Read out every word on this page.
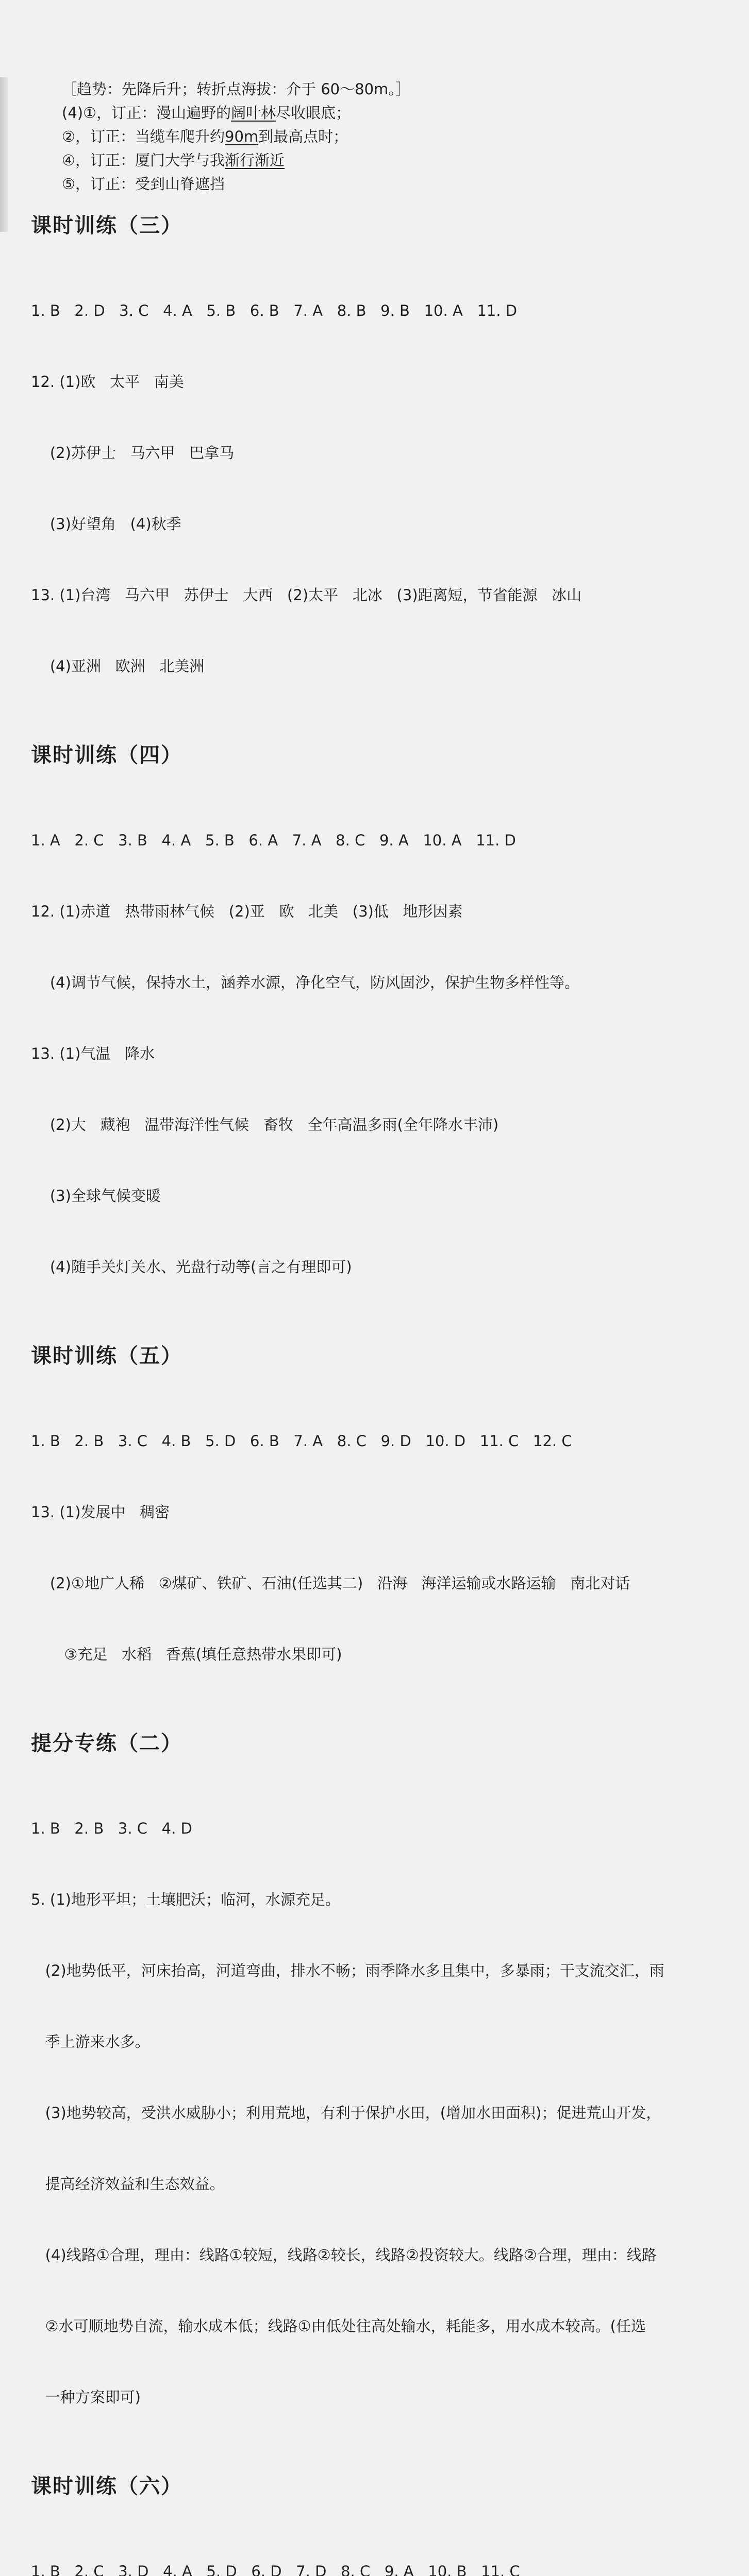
［趋势：先降后升；转折点海拔：介于 60～80m。］
(4)①，订正：漫山遍野的阔叶林尽收眼底；
②，订正：当缆车爬升约90m到最高点时；
④，订正：厦门大学与我渐行渐近
⑤，订正：受到山脊遮挡
课时训练（三）

1. B   2. D   3. C   4. A   5. B   6. B   7. A   8. B   9. B   10. A   11. D

12. (1)欧   太平   南美

(2)苏伊士   马六甲   巴拿马

(3)好望角   (4)秋季

13. (1)台湾   马六甲   苏伊士   大西   (2)太平   北冰   (3)距离短，节省能源   冰山

(4)亚洲   欧洲   北美洲

课时训练（四）

1. A   2. C   3. B   4. A   5. B   6. A   7. A   8. C   9. A   10. A   11. D

12. (1)赤道   热带雨林气候   (2)亚   欧   北美   (3)低   地形因素

(4)调节气候，保持水土，涵养水源，净化空气，防风固沙，保护生物多样性等。

13. (1)气温   降水

(2)大   藏袍   温带海洋性气候   畜牧   全年高温多雨(全年降水丰沛)

(3)全球气候变暖

(4)随手关灯关水、光盘行动等(言之有理即可)

课时训练（五）

1. B   2. B   3. C   4. B   5. D   6. B   7. A   8. C   9. D   10. D   11. C   12. C

13. (1)发展中   稠密

(2)①地广人稀   ②煤矿、铁矿、石油(任选其二)   沿海   海洋运输或水路运输   南北对话

③充足   水稻   香蕉(填任意热带水果即可)

提分专练（二）

1. B   2. B   3. C   4. D

5. (1)地形平坦；土壤肥沃；临河，水源充足。

(2)地势低平，河床抬高，河道弯曲，排水不畅；雨季降水多且集中，多暴雨；干支流交汇，雨

季上游来水多。

(3)地势较高，受洪水威胁小；利用荒地，有利于保护水田，(增加水田面积)；促进荒山开发，

提高经济效益和生态效益。

(4)线路①合理，理由：线路①较短，线路②较长，线路②投资较大。线路②合理，理由：线路

②水可顺地势自流，输水成本低；线路①由低处往高处输水，耗能多，用水成本较高。(任选

一种方案即可)

课时训练（六）

1. B   2. C   3. D   4. A   5. D   6. D   7. D   8. C   9. A   10. B   11. C
